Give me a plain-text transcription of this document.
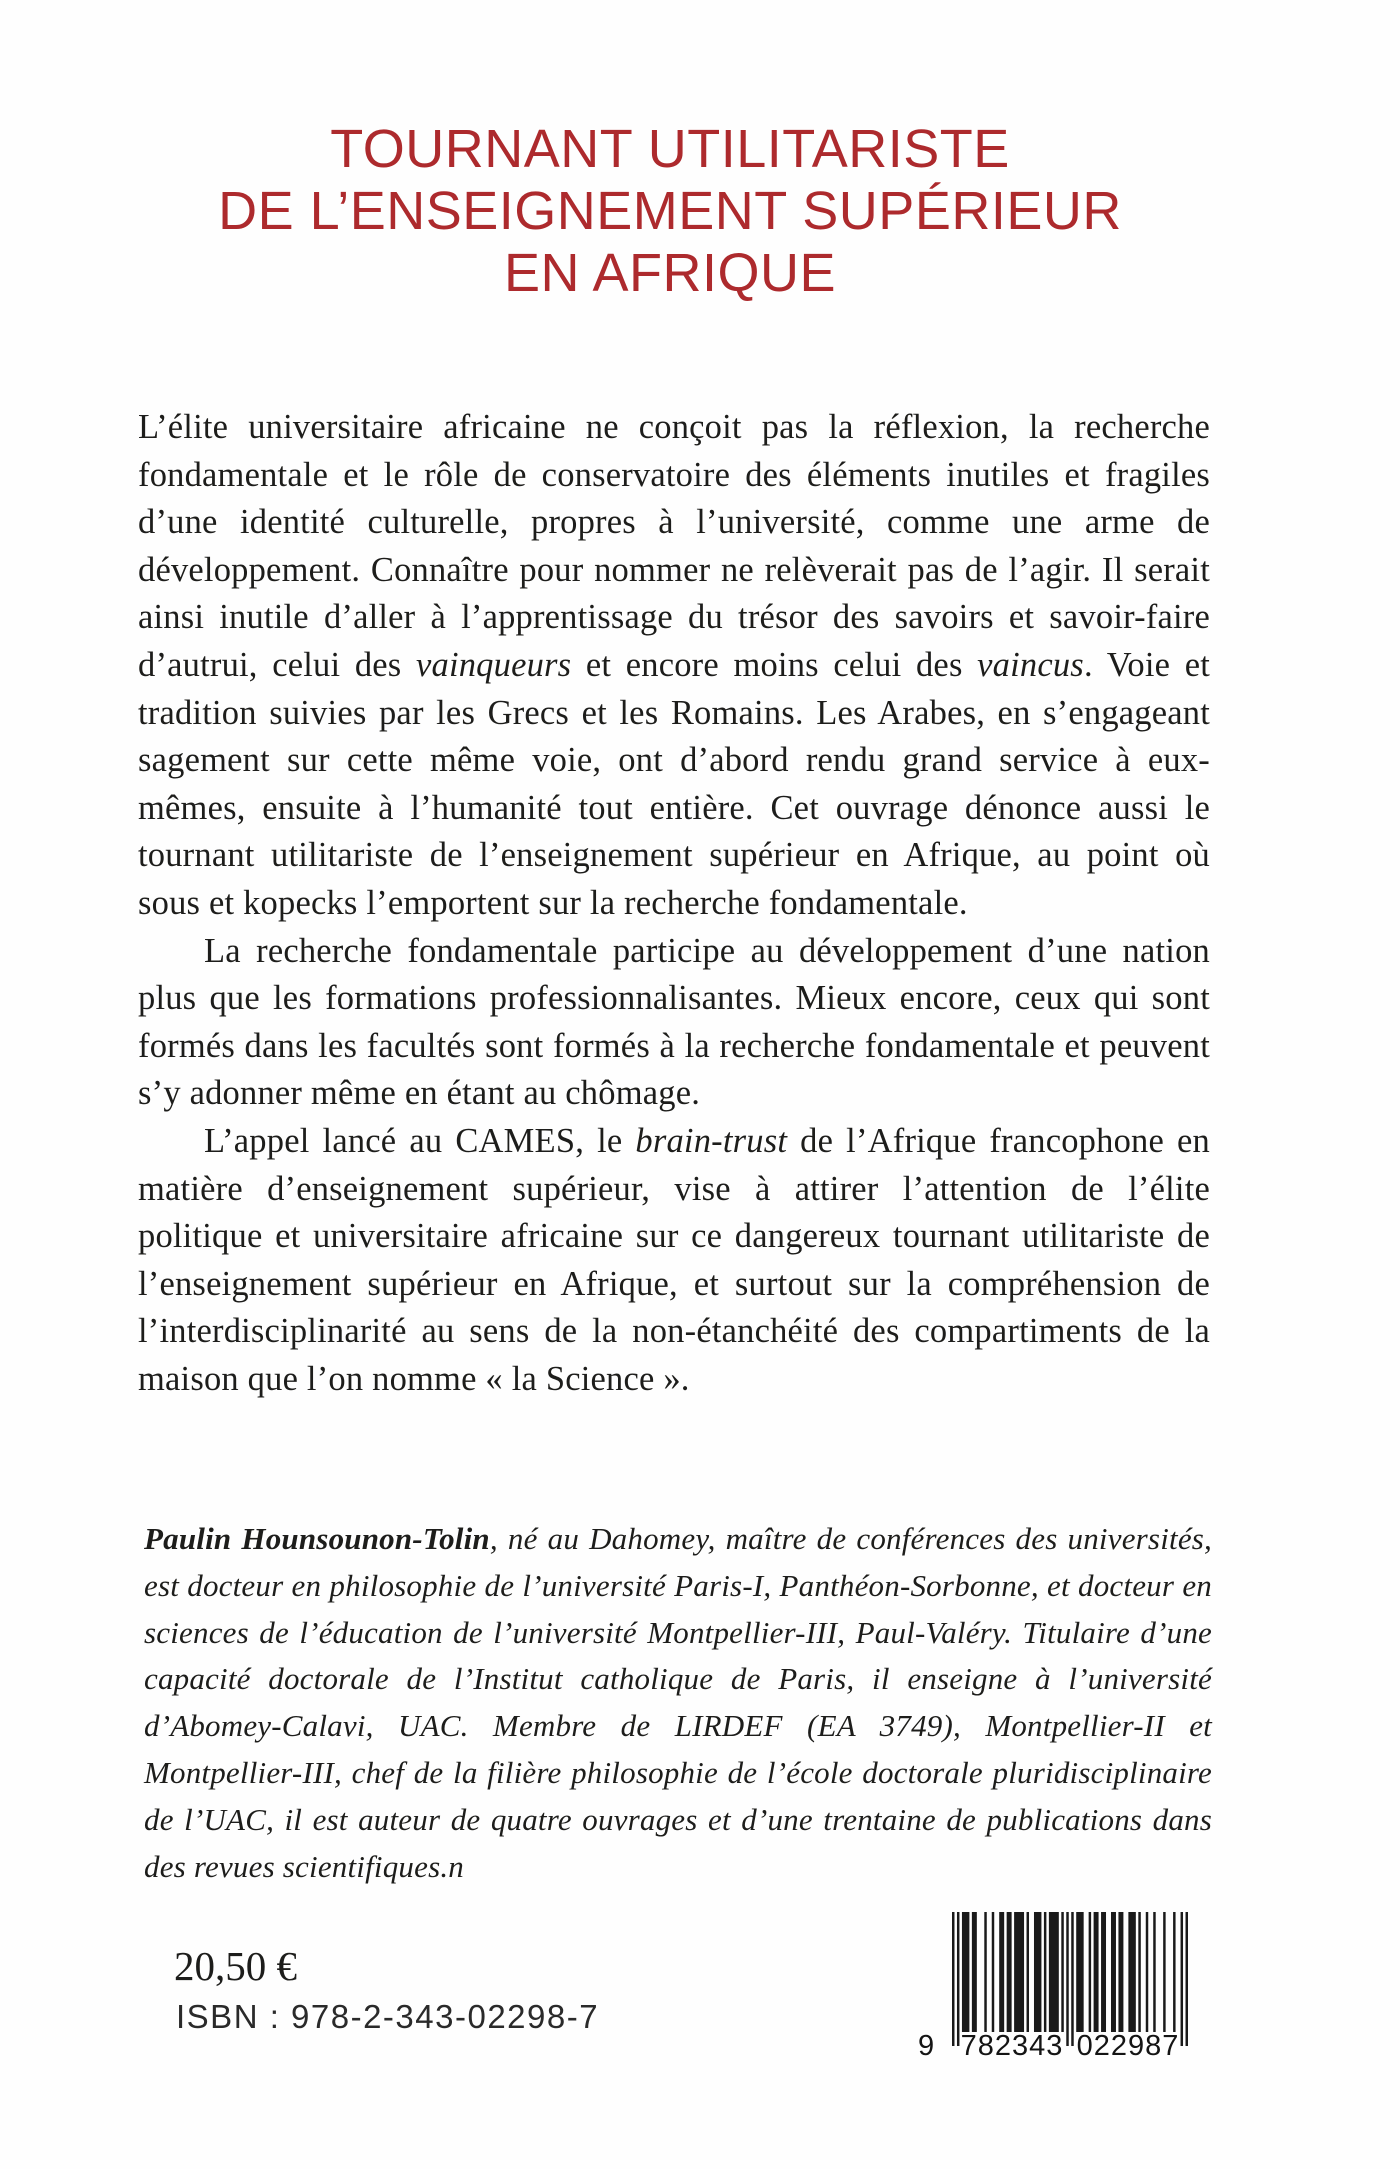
TOURNANT UTILITARISTE
DE L’ENSEIGNEMENT SUPÉRIEUR
EN AFRIQUE

L’élite universitaire africaine ne conçoit pas la réflexion, la recherche fondamentale et le rôle de conservatoire des éléments inutiles et fragiles d’une identité culturelle, propres à l’université, comme une arme de développement. Connaître pour nommer ne relèverait pas de l’agir. Il serait ainsi inutile d’aller à l’apprentissage du trésor des savoirs et savoir-faire d’autrui, celui des vainqueurs et encore moins celui des vaincus. Voie et tradition suivies par les Grecs et les Romains. Les Arabes, en s’engageant sagement sur cette même voie, ont d’abord rendu grand service à eux-mêmes, ensuite à l’humanité tout entière. Cet ouvrage dénonce aussi le tournant utilitariste de l’enseignement supérieur en Afrique, au point où sous et kopecks l’emportent sur la recherche fondamentale.

La recherche fondamentale participe au développement d’une nation plus que les formations professionnalisantes. Mieux encore, ceux qui sont formés dans les facultés sont formés à la recherche fondamentale et peuvent s’y adonner même en étant au chômage.

L’appel lancé au CAMES, le brain-trust de l’Afrique francophone en matière d’enseignement supérieur, vise à attirer l’attention de l’élite politique et universitaire africaine sur ce dangereux tournant utilitariste de l’enseignement supérieur en Afrique, et surtout sur la compréhension de l’interdisciplinarité au sens de la non-étanchéité des compartiments de la maison que l’on nomme « la Science ».

Paulin Hounsounon-Tolin, né au Dahomey, maître de conférences des universités, est docteur en philosophie de l’université Paris-I, Panthéon-Sorbonne, et docteur en sciences de l’éducation de l’université Montpellier-III, Paul-Valéry. Titulaire d’une capacité doctorale de l’Institut catholique de Paris, il enseigne à l’université d’Abomey-Calavi, UAC. Membre de LIRDEF (EA 3749), Montpellier-II et Montpellier-III, chef de la filière philosophie de l’école doctorale pluridisciplinaire de l’UAC, il est auteur de quatre ouvrages et d’une trentaine de publications dans des revues scientifiques.n
20,50 €
ISBN : 978-2-343-02298-7
9 782343 022987
